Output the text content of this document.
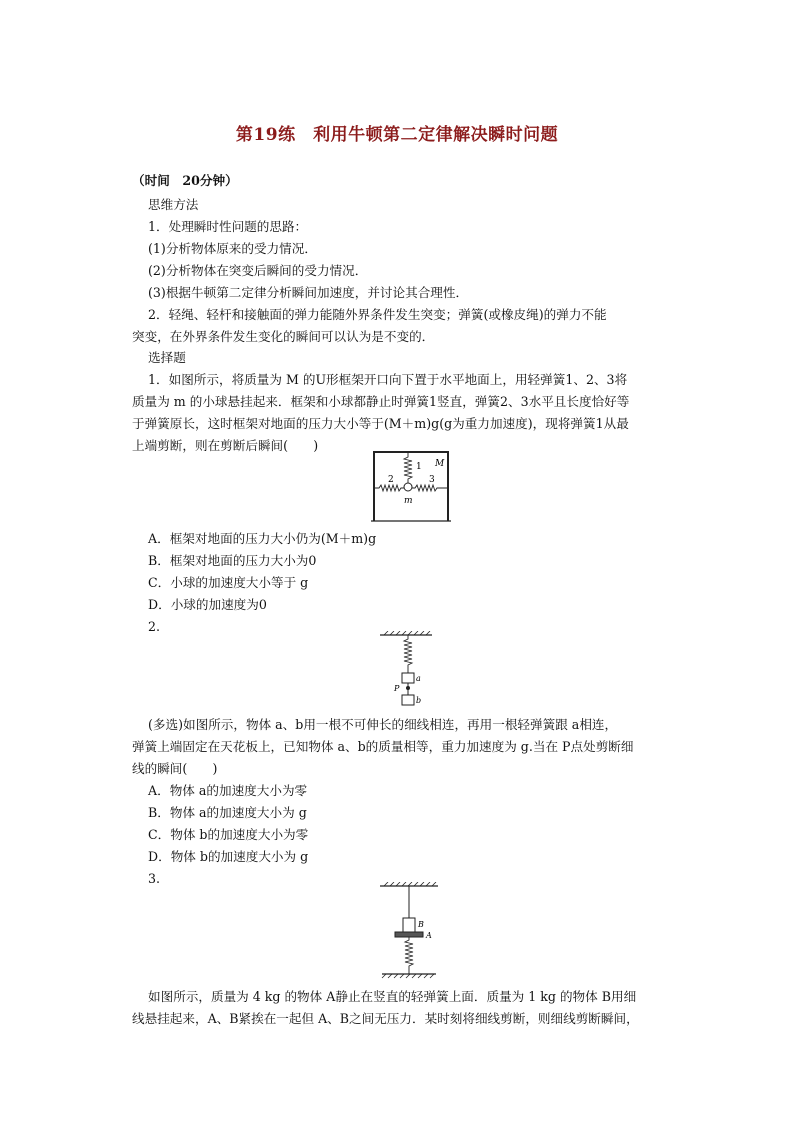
第19练　利用牛顿第二定律解决瞬时问题
（时间　20分钟）
思维方法
1．处理瞬时性问题的思路：
(1)分析物体原来的受力情况．
(2)分析物体在突变后瞬间的受力情况．
(3)根据牛顿第二定律分析瞬间加速度，并讨论其合理性．
2．轻绳、轻杆和接触面的弹力能随外界条件发生突变；弹簧(或橡皮绳)的弹力不能
突变，在外界条件发生变化的瞬间可以认为是不变的．
选择题
1．如图所示，将质量为 M 的U形框架开口向下置于水平地面上，用轻弹簧1、2、3将
质量为 m 的小球悬挂起来．框架和小球都静止时弹簧1竖直，弹簧2、3水平且长度恰好等
于弹簧原长，这时框架对地面的压力大小等于(M＋m)g(g为重力加速度)，现将弹簧1从最
上端剪断，则在剪断后瞬间(　　)
1
2	3
M
m
A．框架对地面的压力大小仍为(M＋m)g
B．框架对地面的压力大小为0
C．小球的加速度大小等于 g
D．小球的加速度为0
2.
a
b
P
(多选)如图所示，物体 a、b用一根不可伸长的细线相连，再用一根轻弹簧跟 a相连，
弹簧上端固定在天花板上，已知物体 a、b的质量相等，重力加速度为 g.当在 P点处剪断细
线的瞬间(　　)
A．物体 a的加速度大小为零
B．物体 a的加速度大小为 g
C．物体 b的加速度大小为零
D．物体 b的加速度大小为 g
3.
B
A
如图所示，质量为 4 kg 的物体 A静止在竖直的轻弹簧上面．质量为 1 kg 的物体 B用细
线悬挂起来，A、B紧挨在一起但 A、B之间无压力．某时刻将细线剪断，则细线剪断瞬间，
